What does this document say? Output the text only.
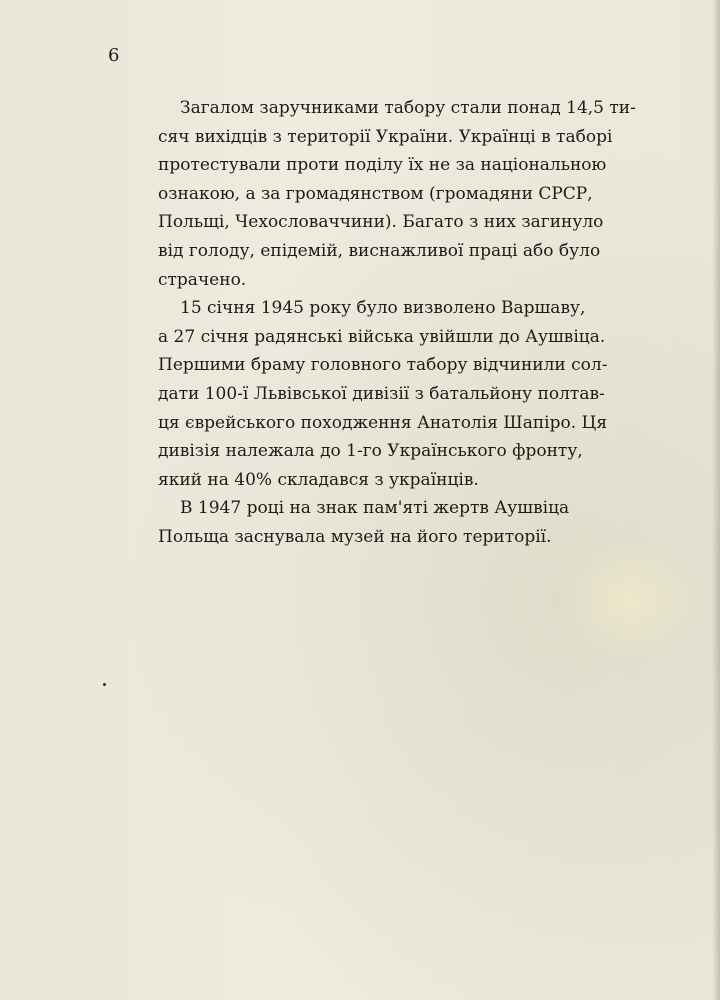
6
Загалом заручниками табору стали понад 14,5 ти-
сяч вихідців з території України. Українці в таборі
протестували проти поділу їх не за національною
ознакою, а за громадянством (громадяни СРСР,
Польщі, Чехословаччини). Багато з них загинуло
від голоду, епідемій, виснажливої праці або було
страчено.
15 січня 1945 року було визволено Варшаву,
а 27 січня радянські війська увійшли до Аушвіца.
Першими браму головного табору відчинили сол-
дати 100-ї Львівської дивізії з батальйону полтав-
ця єврейського походження Анатолія Шапіро. Ця
дивізія належала до 1-го Українського фронту,
який на 40% складався з українців.
В 1947 році на знак пам'яті жертв Аушвіца
Польща заснувала музей на його території.
